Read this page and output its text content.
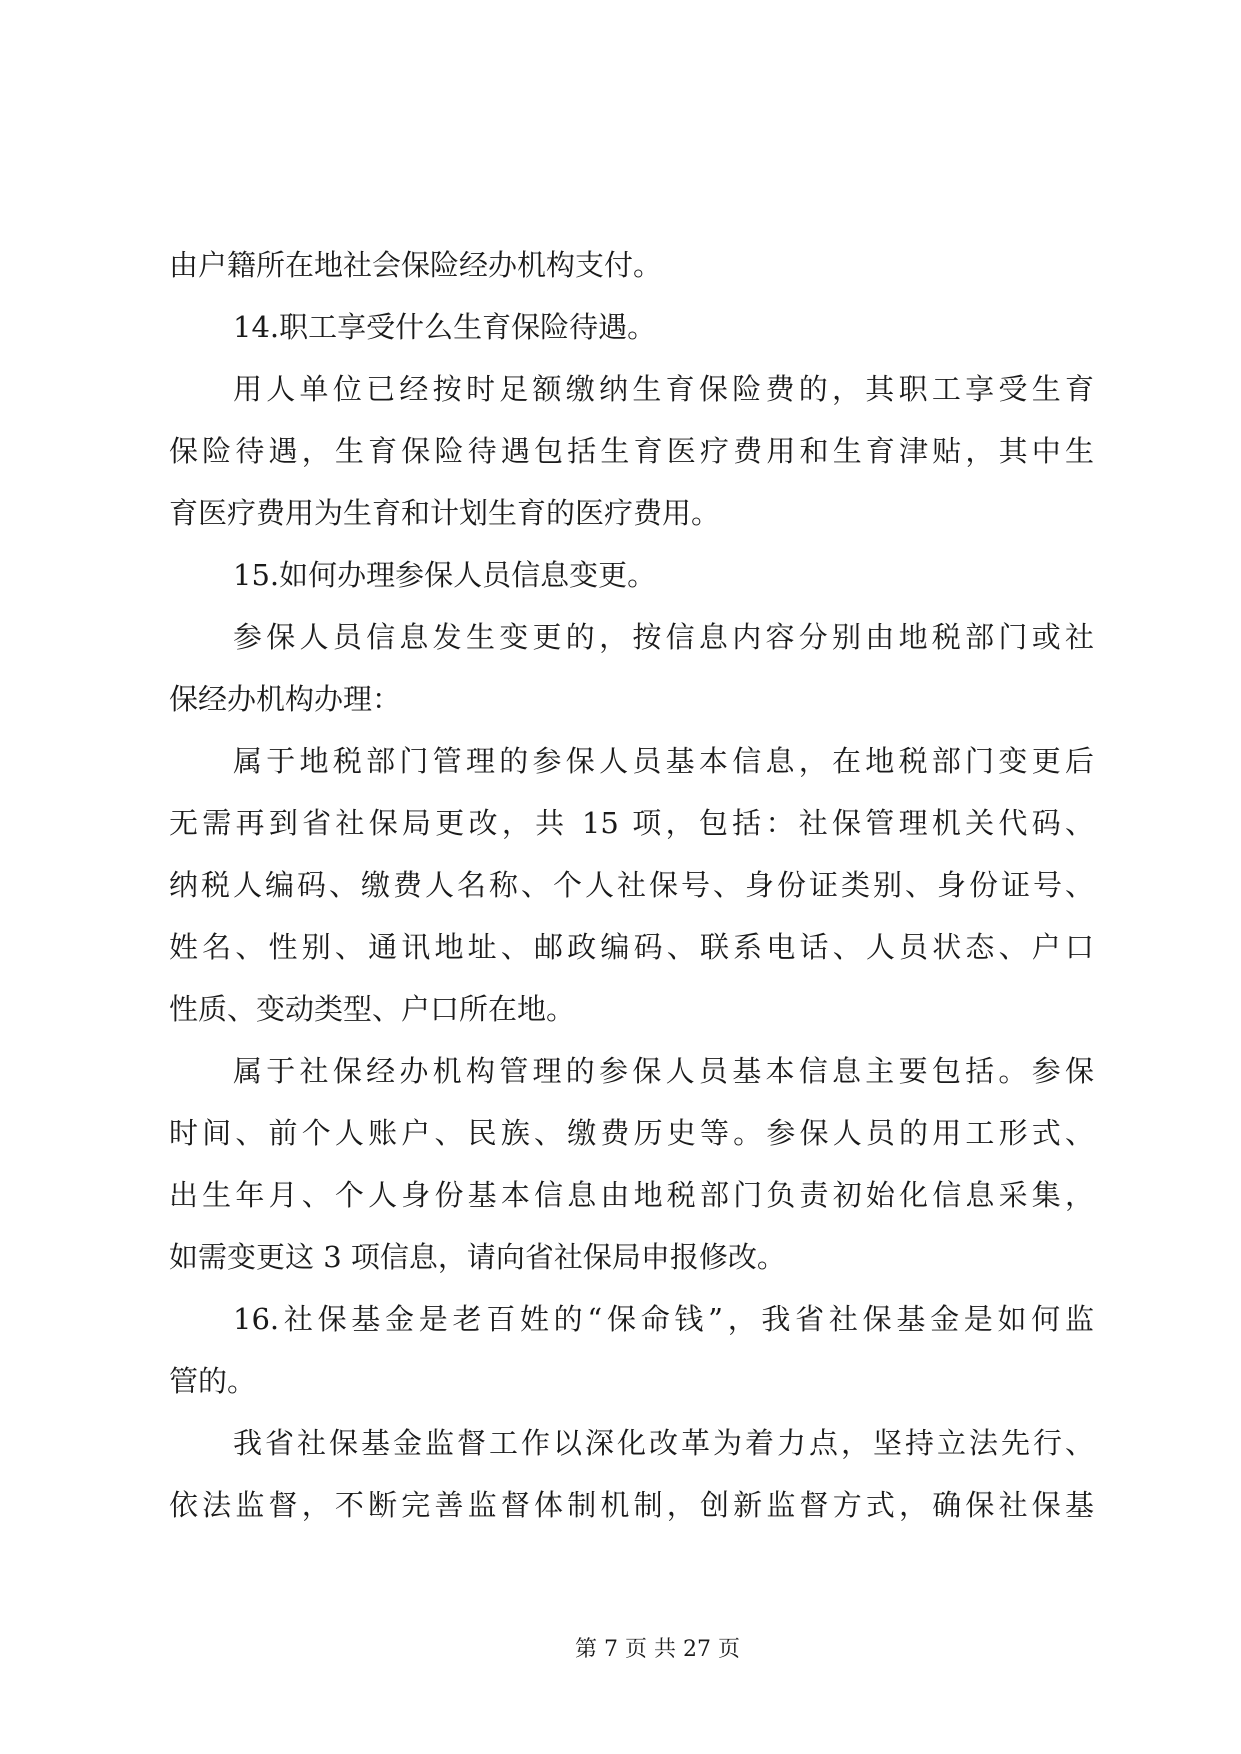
由户籍所在地社会保险经办机构支付。
14.职工享受什么生育保险待遇。
用人单位已经按时足额缴纳生育保险费的，其职工享受生育
保险待遇，生育保险待遇包括生育医疗费用和生育津贴，其中生
育医疗费用为生育和计划生育的医疗费用。
15.如何办理参保人员信息变更。
参保人员信息发生变更的，按信息内容分别由地税部门或社
保经办机构办理：
属于地税部门管理的参保人员基本信息，在地税部门变更后
无需再到省社保局更改，共 15 项，包括：社保管理机关代码、
纳税人编码、缴费人名称、个人社保号、身份证类别、身份证号、
姓名、性别、通讯地址、邮政编码、联系电话、人员状态、户口
性质、变动类型、户口所在地。
属于社保经办机构管理的参保人员基本信息主要包括。参保
时间、前个人账户、民族、缴费历史等。参保人员的用工形式、
出生年月、个人身份基本信息由地税部门负责初始化信息采集，
如需变更这 3 项信息，请向省社保局申报修改。
16.社保基金是老百姓的“保命钱”，我省社保基金是如何监
管的。
我省社保基金监督工作以深化改革为着力点，坚持立法先行、
依法监督，不断完善监督体制机制，创新监督方式，确保社保基
第 7 页 共 27 页
